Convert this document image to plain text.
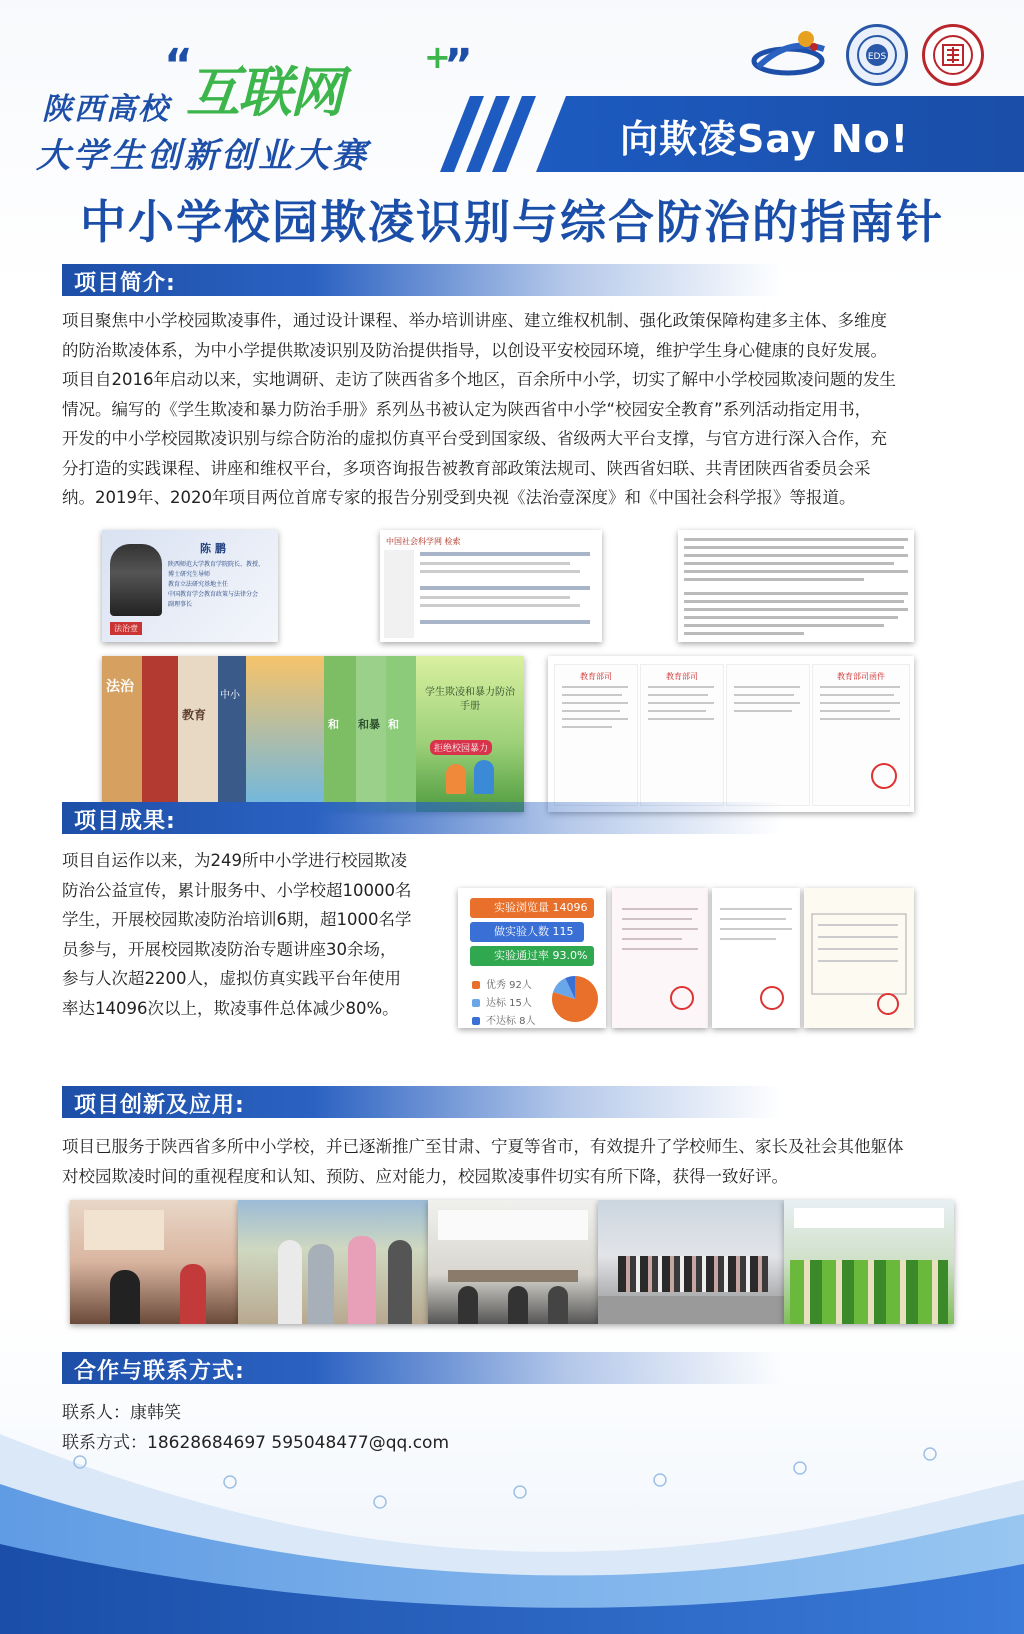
“
互联网
+
”
陕西高校
大学生创新创业大赛
EDS
向欺凌Say No!
中小学校园欺凌识别与综合防治的指南针
项目简介:
项目聚焦中小学校园欺凌事件，通过设计课程、举办培训讲座、建立维权机制、强化政策保障构建多主体、多维度
的防治欺凌体系，为中小学提供欺凌识别及防治提供指导，以创设平安校园环境，维护学生身心健康的良好发展。
项目自2016年启动以来，实地调研、走访了陕西省多个地区，百余所中小学，切实了解中小学校园欺凌问题的发生
情况。编写的《学生欺凌和暴力防治手册》系列丛书被认定为陕西省中小学“校园安全教育”系列活动指定用书，
开发的中小学校园欺凌识别与综合防治的虚拟仿真平台受到国家级、省级两大平台支撑，与官方进行深入合作，充
分打造的实践课程、讲座和维权平台，多项咨询报告被教育部政策法规司、陕西省妇联、共青团陕西省委员会采
纳。2019年、2020年项目两位首席专家的报告分别受到央视《法治壹深度》和《中国社会科学报》等报道。
陈 鹏
陕西师范大学教育学院院长、教授、
博士研究生导师
教育立法研究基地主任
中国教育学会教育政策与法律分会
副理事长
法治壹
中国社会科学网 检索
法治
教育
中小
和 和暴 和
学生欺凌和暴力防治手册
拒绝校园暴力
教育部司	教育部司	教育部司函件
项目成果:
项目自运作以来，为249所中小学进行校园欺凌
防治公益宣传，累计服务中、小学校超10000名
学生，开展校园欺凌防治培训6期，超1000名学
员参与，开展校园欺凌防治专题讲座30余场，
参与人次超2200人，虚拟仿真实践平台年使用
率达14096次以上，欺凌事件总体减少80%。
实验浏览量 14096
做实验人数 115
实验通过率 93.0%
优秀 92人
达标 15人
不达标 8人
项目创新及应用:
项目已服务于陕西省多所中小学校，并已逐渐推广至甘肃、宁夏等省市，有效提升了学校师生、家长及社会其他躯体
对校园欺凌时间的重视程度和认知、预防、应对能力，校园欺凌事件切实有所下降，获得一致好评。
合作与联系方式:
联系人：康韩笑
联系方式：18628684697 595048477@qq.com
